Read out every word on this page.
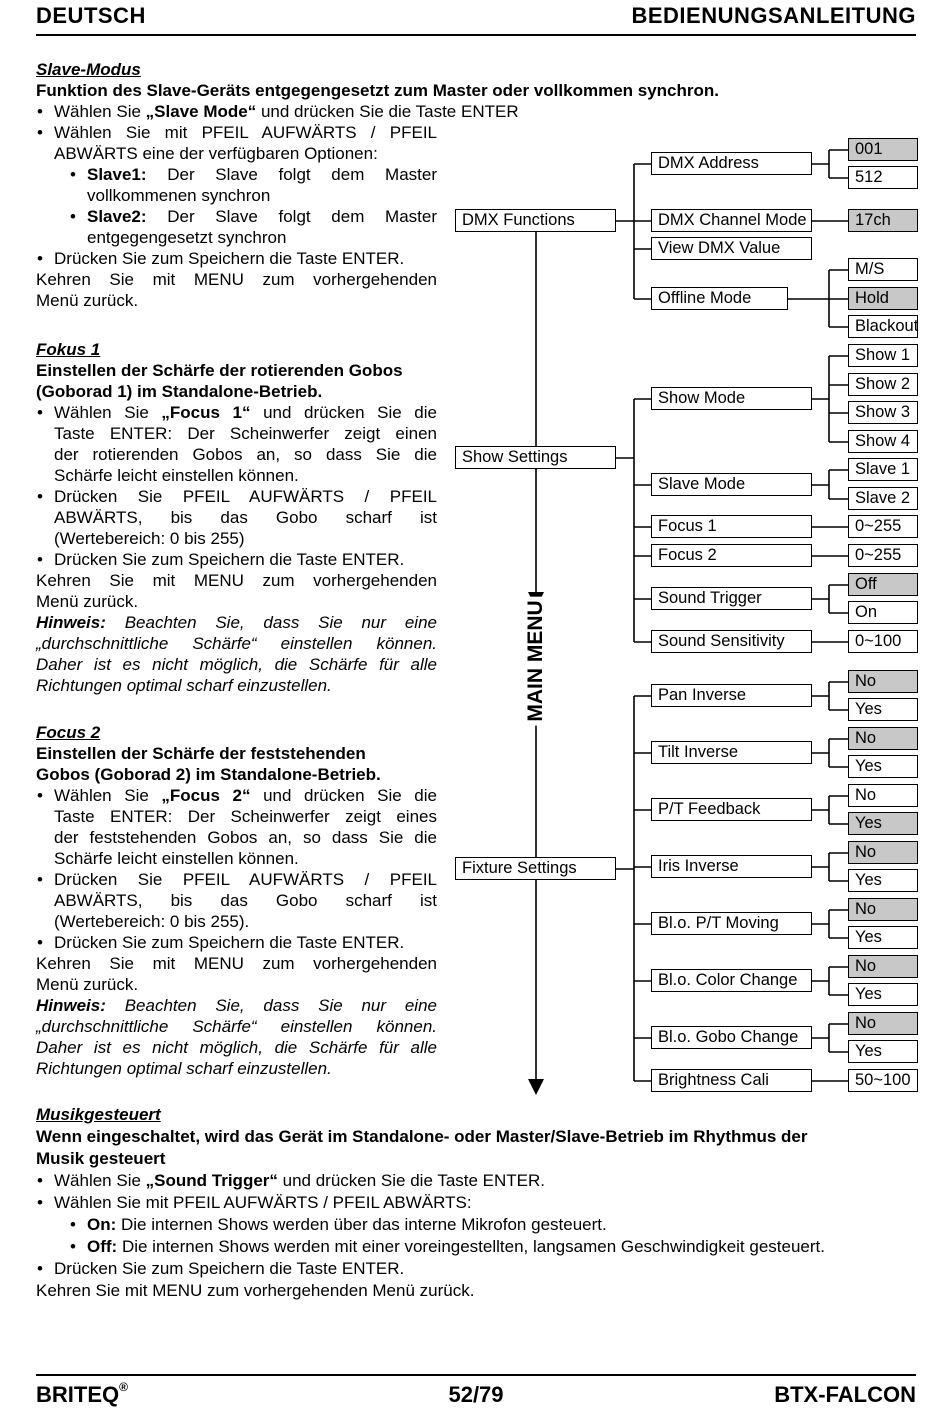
DEUTSCH	BEDIENUNGSANLEITUNG

Slave-Modus

Funktion des Slave-Geräts entgegengesetzt zum Master oder vollkommen synchron.

• Wählen Sie „Slave Mode“ und drücken Sie die Taste ENTER

• Wählen Sie mit PFEIL AUFWÄRTS / PFEIL

ABWÄRTS eine der verfügbaren Optionen:

• Slave1: Der Slave folgt dem Master

vollkommenen synchron

• Slave2: Der Slave folgt dem Master

entgegengesetzt synchron

• Drücken Sie zum Speichern die Taste ENTER.

Kehren Sie mit MENU zum vorhergehenden

Menü zurück.

Fokus 1

Einstellen der Schärfe der rotierenden Gobos

(Goborad 1) im Standalone-Betrieb.

• Wählen Sie „Focus 1“ und drücken Sie die

Taste ENTER: Der Scheinwerfer zeigt einen

der rotierenden Gobos an, so dass Sie die

Schärfe leicht einstellen können.

• Drücken Sie PFEIL AUFWÄRTS / PFEIL

ABWÄRTS, bis das Gobo scharf ist

(Wertebereich: 0 bis 255)

• Drücken Sie zum Speichern die Taste ENTER.

Kehren Sie mit MENU zum vorhergehenden

Menü zurück.

Hinweis: Beachten Sie, dass Sie nur eine

„durchschnittliche Schärfe“ einstellen können.

Daher ist es nicht möglich, die Schärfe für alle

Richtungen optimal scharf einzustellen.

Focus 2

Einstellen der Schärfe der feststehenden

Gobos (Goborad 2) im Standalone-Betrieb.

• Wählen Sie „Focus 2“ und drücken Sie die

Taste ENTER: Der Scheinwerfer zeigt eines

der feststehenden Gobos an, so dass Sie die

Schärfe leicht einstellen können.

• Drücken Sie PFEIL AUFWÄRTS / PFEIL

ABWÄRTS, bis das Gobo scharf ist

(Wertebereich: 0 bis 255).

• Drücken Sie zum Speichern die Taste ENTER.

Kehren Sie mit MENU zum vorhergehenden

Menü zurück.

Hinweis: Beachten Sie, dass Sie nur eine

„durchschnittliche Schärfe“ einstellen können.

Daher ist es nicht möglich, die Schärfe für alle

Richtungen optimal scharf einzustellen.

MAIN MENU
DMX Functions
Show Settings
Fixture Settings
DMX Address
DMX Channel Mode
View DMX Value
Offline Mode
Show Mode
Slave Mode
Focus 1
Focus 2
Sound Trigger
Sound Sensitivity
Pan Inverse
Tilt Inverse
P/T Feedback
Iris Inverse
Bl.o. P/T Moving
Bl.o. Color Change
Bl.o. Gobo Change
Brightness Cali
001
512
17ch
M/S
Hold
Blackout
Show 1
Show 2
Show 3
Show 4
Slave 1
Slave 2
0~255
0~255
Off
On
0~100
No
Yes
No
Yes
No
Yes
No
Yes
No
Yes
No
Yes
No
Yes
50~100

Musikgesteuert

Wenn eingeschaltet, wird das Gerät im Standalone- oder Master/Slave-Betrieb im Rhythmus der

Musik gesteuert

• Wählen Sie „Sound Trigger“ und drücken Sie die Taste ENTER.

• Wählen Sie mit PFEIL AUFWÄRTS / PFEIL ABWÄRTS:

• On: Die internen Shows werden über das interne Mikrofon gesteuert.

• Off: Die internen Shows werden mit einer voreingestellten, langsamen Geschwindigkeit gesteuert.

• Drücken Sie zum Speichern die Taste ENTER.

Kehren Sie mit MENU zum vorhergehenden Menü zurück.

BRITEQ®	52/79	BTX-FALCON
